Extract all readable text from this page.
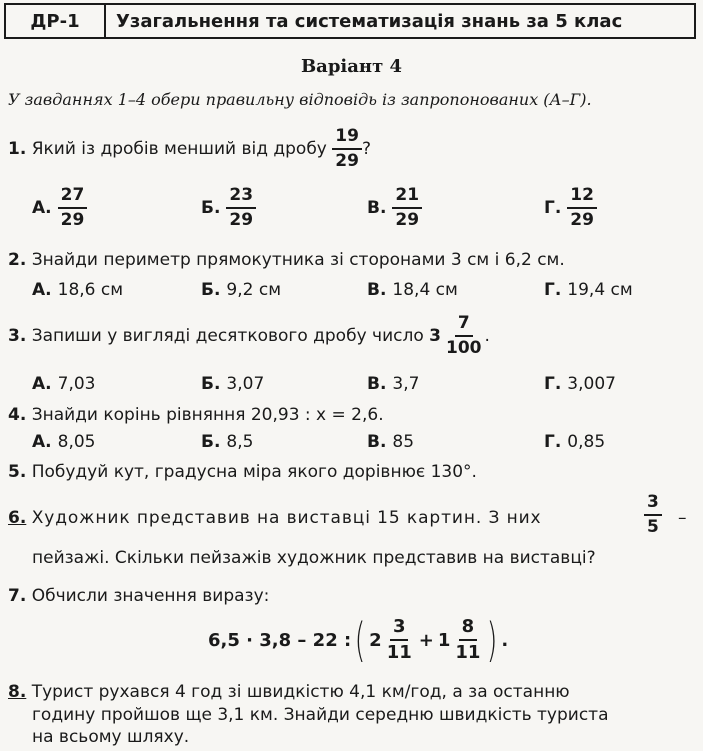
ДР-1	Узагальнення та систематизація знань за 5 клас
Варіант 4
У завданнях 1–4 обери правильну відповідь із запропонованих (А–Г).
1.
Який із дробів менший від дробу
$\frac{19}{29}$ ?
А. $\frac{27}{29}$	Б. $\frac{23}{29}$	В. $\frac{21}{29}$	Г. $\frac{12}{29}$
2. Знайди периметр прямокутника зі сторонами 3 см і 6,2 см.
А. 18,6 см	Б. 9,2 см	В. 18,4 см	Г. 19,4 см
3.
Запиши у вигляді десяткового дробу число
$3 \frac{7}{100}$ .
А. 7,03	Б. 3,07	В. 3,7	Г. 3,007
4. Знайди корінь рівняння 20,93 : x = 2,6.
А. 8,05	Б. 8,5	В. 85	Г. 0,85
5. Побудуй кут, градусна міра якого дорівнює 130°.
6. Художник представив на виставці 15 картин. З них	$\frac{3}{5}$ –
пейзажі. Скільки пейзажів художник представив на виставці?
7. Обчисли значення виразу:
6,5 · 3,8 – 22 : ( $2 \frac{3}{11} + 1 \frac{8}{11}$ ) .
8. Турист рухався 4 год зі швидкістю 4,1 км/год, а за останню
годину пройшов ще 3,1 км. Знайди середню швидкість туриста
на всьому шляху.
